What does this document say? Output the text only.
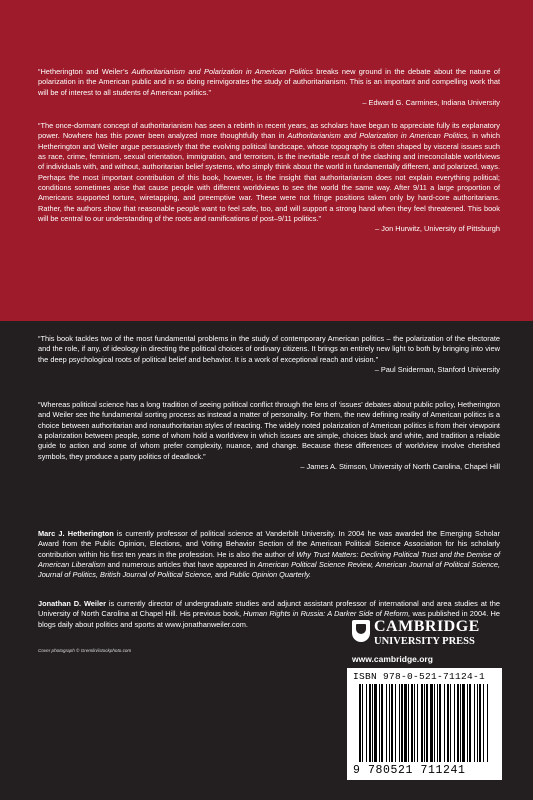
“Hetherington and Weiler’s Authoritarianism and Polarization in American Politics breaks new ground in the debate about the nature of polarization in the American public and in so doing reinvigorates the study of authoritarianism. This is an important and compelling work that will be of interest to all students of American politics.”
– Edward G. Carmines, Indiana University

“The once-dormant concept of authoritarianism has seen a rebirth in recent years, as scholars have begun to appreciate fully its explanatory power. Nowhere has this power been analyzed more thoughtfully than in Authoritarianism and Polarization in American Politics, in which Hetherington and Weiler argue persuasively that the evolving political landscape, whose topography is often shaped by visceral issues such as race, crime, feminism, sexual orientation, immigration, and terrorism, is the inevitable result of the clashing and irreconcilable worldviews of individuals with, and without, authoritarian belief systems, who simply think about the world in fundamentally different, and polarized, ways. Perhaps the most important contribution of this book, however, is the insight that authoritarianism does not explain everything political; conditions sometimes arise that cause people with different worldviews to see the world the same way. After 9/11 a large proportion of Americans supported torture, wiretapping, and preemptive war. These were not fringe positions taken only by hard-core authoritarians. Rather, the authors show that reasonable people want to feel safe, too, and will support a strong hand when they feel threatened. This book will be central to our understanding of the roots and ramifications of post–9/11 politics.”
– Jon Hurwitz, University of Pittsburgh

“This book tackles two of the most fundamental problems in the study of contemporary American politics – the polarization of the electorate and the role, if any, of ideology in directing the political choices of ordinary citizens. It brings an entirely new light to both by bringing into view the deep psychological roots of political belief and behavior. It is a work of exceptional reach and vision.”
– Paul Sniderman, Stanford University

“Whereas political science has a long tradition of seeing political conflict through the lens of ‘issues’ debates about public policy, Hetherington and Weiler see the fundamental sorting process as instead a matter of personality. For them, the new defining reality of American politics is a choice between authoritarian and nonauthoritarian styles of reacting. The widely noted polarization of American politics is from their viewpoint a polarization between people, some of whom hold a worldview in which issues are simple, choices black and white, and tradition a reliable guide to action and some of whom prefer complexity, nuance, and change. Because these differences of worldview involve cherished symbols, they produce a party politics of deadlock.”
– James A. Stimson, University of North Carolina, Chapel Hill

Marc J. Hetherington is currently professor of political science at Vanderbilt University. In 2004 he was awarded the Emerging Scholar Award from the Public Opinion, Elections, and Voting Behavior Section of the American Political Science Association for his scholarly contribution within his first ten years in the profession. He is also the author of Why Trust Matters: Declining Political Trust and the Demise of American Liberalism and numerous articles that have appeared in American Political Science Review, American Journal of Political Science, Journal of Politics, British Journal of Political Science, and Public Opinion Quarterly.

Jonathan D. Weiler is currently director of undergraduate studies and adjunct assistant professor of international and area studies at the University of North Carolina at Chapel Hill. His previous book, Human Rights in Russia: A Darker Side of Reform, was published in 2004. He blogs daily about politics and sports at www.jonathanweiler.com.

Cover photograph © Gremlin/istockphoto.com
CAMBRIDGE
UNIVERSITY PRESS
www.cambridge.org
ISBN 978-0-521-71124-1
9 780521 711241
